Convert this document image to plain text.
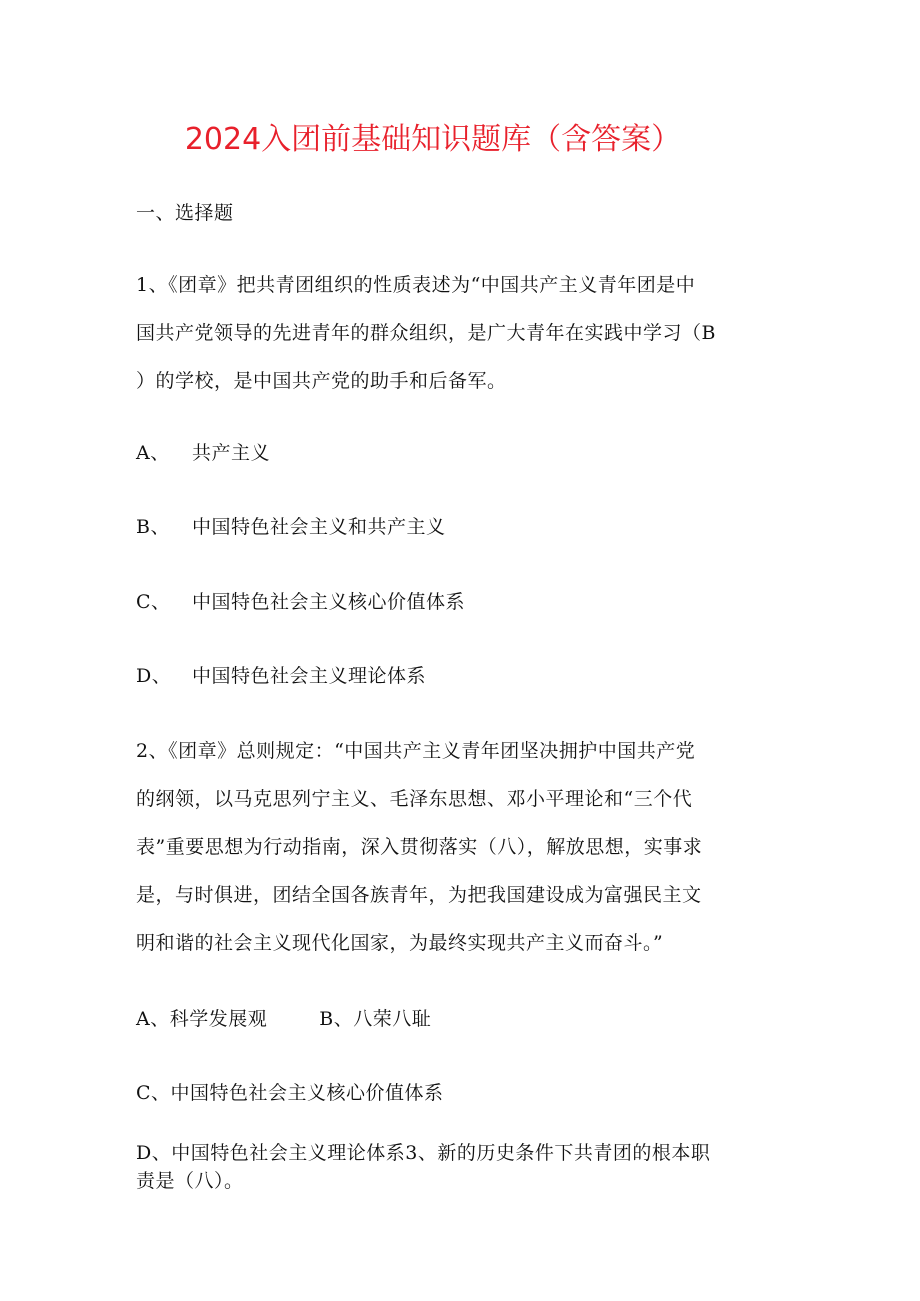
2024入团前基础知识题库（含答案）
一、选择题
1、《团章》把共青团组织的性质表述为“中国共产主义青年团是中
国共产党领导的先进青年的群众组织，是广大青年在实践中学习（B
）的学校，是中国共产党的助手和后备军。
A、 共产主义
B、 中国特色社会主义和共产主义
C、 中国特色社会主义核心价值体系
D、 中国特色社会主义理论体系
2、《团章》总则规定：“中国共产主义青年团坚决拥护中国共产党
的纲领，以马克思列宁主义、毛泽东思想、邓小平理论和“三个代
表”重要思想为行动指南，深入贯彻落实（八），解放思想，实事求
是，与时俱进，团结全国各族青年，为把我国建设成为富强民主文
明和谐的社会主义现代化国家，为最终实现共产主义而奋斗。”
A、科学发展观	B、八荣八耻
C、中国特色社会主义核心价值体系
D、中国特色社会主义理论体系3、新的历史条件下共青团的根本职
责是（八）。
